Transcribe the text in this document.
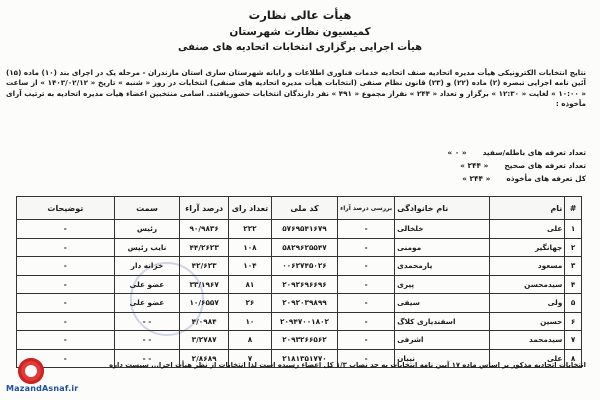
هیأت عالی نظارت
کمیسیون نظارت شهرستان
هیأت اجرایی برگزاری انتخابات اتحادیه های صنفی

نتایج انتخابات الکترونیکی هیأت مدیره اتحادیه صنف اتحادیه خدمات فناوری اطلاعات و رایانه شهرستان ساری استان مازندران - مرحله یک در اجرای بند (۱۰) ماده (۱۵) آئین نامه اجرایی تبصره (۲) ماده (۲۲) و (۲۳) قانون نظام صنفی (انتخابات هیأت مدیره اتحادیه های صنفی) انتخابات در روز « شنبه » تاریخ « ۱۴۰۳/۰۲/۱۲ » از ساعت « ۱۰:۰۰ » لغایت « ۱۲:۳۰ » برگزار و تعداد « ۲۴۴ » نفراز مجموع « ۴۹۱ » نفر دارندگان انتخابات حضوریافتند. اسامی منتخبین اعضاء هیأت مدیره اتحادیه به ترتیب آرای مأخوذه :

تعداد تعرفه های باطله/سفید
« ۰ »
تعداد تعرفه های صحیح
« ۲۴۴ »
کل تعرفه های مأخوذه
« ۲۴۴ »
#	نام	نام خانوادگی	بررسی درصد آراء	کد ملی	تعداد رای	درصد آراء	سمت	توضیحات
۱	علی	خلخالی	-	۵۷۶۹۵۴۱۶۷۹	۲۲۲	۹۰/۹۸۳۶	رئیس	-
۲	جهانگیر	مومنی	-	۵۸۲۹۶۲۵۵۴۷	۱۰۸	۴۴/۲۶۲۳	نایب رئیس	-
۳	مسعود	یارمحمدی	-	۰۰۶۲۷۴۵۰۲۶	۱۰۴	۴۲/۶۲۳	خزانه دار	-
۴	سیدمحسن	پیری	-	۲۰۹۲۶۹۶۶۹۶	۸۱	۳۳/۱۹۶۷	عضو علی	-
۵	ولی	سیفی	-	۲۰۹۲۰۳۹۸۹۹	۲۶	۱۰/۶۵۵۷	عضو علی	-
۶	حسین	اسفندیاری کلاگ	-	۲۰۹۴۷۰۰۱۸۰۲	۱۰	۴/۰۹۸۴	- -	-
۷	سیدمحمد	اشرفی	-	۲۰۹۳۲۶۶۵۶۲	۸	۳/۲۷۸۷	- -	-
۸	علی	نیبان	-	۲۱۸۱۳۵۱۷۷۰	۷	۲/۸۶۸۹	- -	-
انتخابات اتحادیه مذکور بر اساس ماده ۱۷ آیین نامه انتخابات به حد نصاب ۱/۳ کل اعضاء رسیده است لذا انتخابات از نظر هیأت اجرا... سیست داره
MazandAsnaf.ir
